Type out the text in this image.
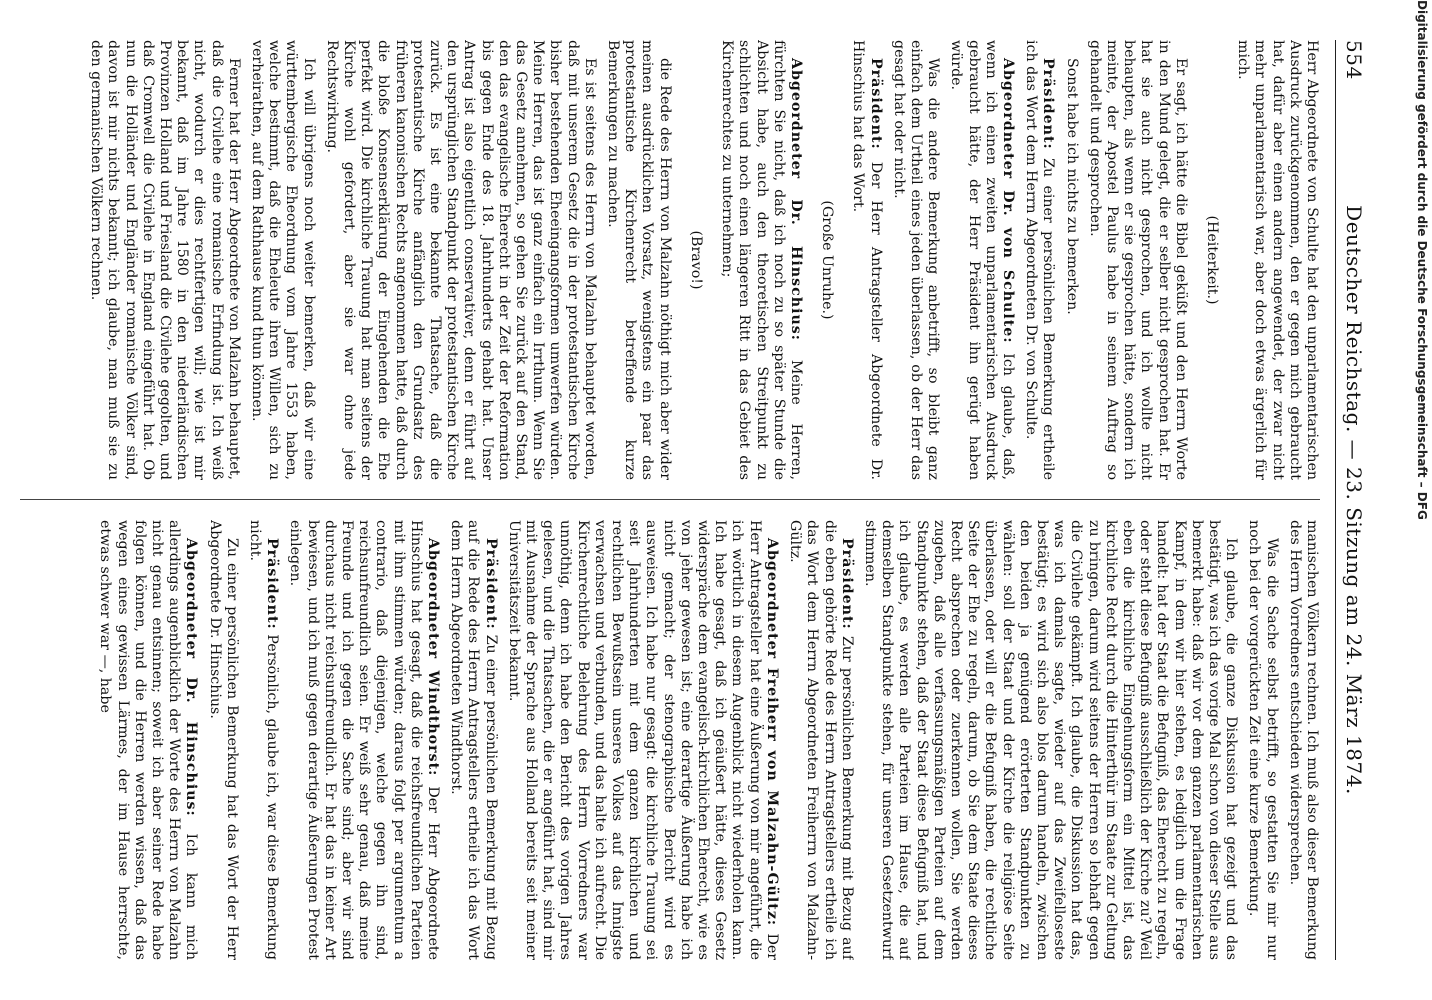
554
Deutscher Reichstag. — 23. Sitzung am 24. März 1874.

Herr Abgeordnete von Schulte hat den unparlamentarischen Ausdruck zurückgenommen, den er gegen mich gebraucht hat, dafür aber einen andern angewendet, der zwar nicht mehr unparlamentarisch war, aber doch etwas ärgerlich für mich.

(Heiterkeit.)

Er sagt, ich hätte die Bibel geküßt und den Herrn Worte in den Mund gelegt, die er selber nicht gesprochen hat. Er hat sie auch nicht gesprochen, und ich wollte nicht behaupten, als wenn er sie gesprochen hätte, sondern ich meinte, der Apostel Paulus habe in seinem Auftrag so gehandelt und gesprochen.

Sonst habe ich nichts zu bemerken.

Präsident: Zu einer persönlichen Bemerkung ertheile ich das Wort dem Herrn Abgeordneten Dr. von Schulte.

Abgeordneter Dr. von Schulte: Ich glaube, daß, wenn ich einen zweiten unparlamentarischen Ausdruck gebraucht hätte, der Herr Präsident ihn gerügt haben würde.

Was die andere Bemerkung anbetrifft, so bleibt ganz einfach dem Urtheil eines jeden überlassen, ob der Herr das gesagt hat oder nicht.

Präsident: Der Herr Antragsteller Abgeordnete Dr. Hinschius hat das Wort.

(Große Unruhe.)

Abgeordneter Dr. Hinschius: Meine Herren, fürchten Sie nicht, daß ich noch zu so später Stunde die Absicht habe, auch den theoretischen Streitpunkt zu schlichten und noch einen längeren Ritt in das Gebiet des Kirchenrechtes zu unternehmen;

(Bravo!)

die Rede des Herrn von Malzahn nöthigt mich aber wider meinen ausdrücklichen Vorsatz, wenigstens ein paar das protestantische Kirchenrecht betreffende kurze Bemerkungen zu machen.

Es ist seitens des Herrn von Malzahn behauptet worden, daß mit unserem Gesetz die in der protestantischen Kirche bisher bestehenden Eheeingangsformen umwerfen würden. Meine Herren, das ist ganz einfach ein Irrthum. Wenn Sie das Gesetz annehmen, so gehen Sie zurück auf den Stand, den das evangelische Eherecht in der Zeit der Reformation bis gegen Ende des 18. Jahrhunderts gehabt hat. Unser Antrag ist also eigentlich conservativer, denn er führt auf den ursprünglichen Standpunkt der protestantischen Kirche zurück. Es ist eine bekannte Thatsache, daß die protestantische Kirche anfänglich den Grundsatz des früheren kanonischen Rechts angenommen hatte, daß durch die bloße Konsenserklärung der Eingehenden die Ehe perfekt wird. Die kirchliche Trauung hat man seitens der Kirche wohl gefordert, aber sie war ohne jede Rechtswirkung.

Ich will übrigens noch weiter bemerken, daß wir eine württembergische Eheordnung vom Jahre 1553 haben, welche bestimmt, daß die Eheleute ihren Willen, sich zu verheirathen, auf dem Rathhause kund thun können.

Ferner hat der Herr Abgeordnete von Malzahn behauptet, daß die Civilehe eine romanische Erfindung ist. Ich weiß nicht, wodurch er dies rechtfertigen will; wie ist mir bekannt, daß im Jahre 1580 in den niederländischen Provinzen Holland und Friesland die Civilehe gegolten, und daß Cromwell die Civilehe in England eingeführt hat. Ob nun die Holländer und Engländer romanische Völker sind, davon ist mir nichts bekannt; ich glaube, man muß sie zu den germanischen Völkern rechnen.

manischen Völkern rechnen. Ich muß also dieser Bemerkung des Herrn Vorredners entschieden widersprechen.

Was die Sache selbst betrifft, so gestatten Sie mir nur noch bei der vorgerückten Zeit eine kurze Bemerkung.

Ich glaube, die ganze Diskussion hat gezeigt und das bestätigt, was ich das vorige Mal schon von dieser Stelle aus bemerkt habe: daß wir vor dem ganzen parlamentarischen Kampf, in dem wir hier stehen, es lediglich um die Frage handelt: hat der Staat die Befugniß, das Eherecht zu regeln, oder steht diese Befugniß ausschließlich der Kirche zu? Weil eben die kirchliche Eingehungsform ein Mittel ist, das kirchliche Recht durch die Hinterthür im Staate zur Geltung zu bringen, darum wird seitens der Herren so lebhaft gegen die Civilehe gekämpft. Ich glaube, die Diskussion hat das, was ich damals sagte, wieder auf das Zweifelloseste bestätigt; es wird sich also blos darum handeln, zwischen den beiden ja genügend erörterten Standpunkten zu wählen: soll der Staat und der Kirche die religiöse Seite überlassen, oder will er die Befugniß haben, die rechtliche Seite der Ehe zu regeln, darum, ob Sie dem Staate dieses Recht absprechen oder zuerkennen wollen, Sie werden zugeben, daß alle verfassungsmäßigen Parteien auf dem Standpunkte stehen, daß der Staat diese Befugniß hat, und ich glaube, es werden alle Parteien im Hause, die auf demselben Standpunkte stehen, für unseren Gesetzentwurf stimmen.

Präsident: Zur persönlichen Bemerkung mit Bezug auf die eben gehörte Rede des Herrn Antragstellers ertheile ich das Wort dem Herrn Abgeordneten Freiherrn von Malzahn-Gültz.

Abgeordneter Freiherr von Malzahn-Gültz: Der Herr Antragsteller hat eine Äußerung von mir angeführt, die ich wörtlich in diesem Augenblick nicht wiederholen kann. Ich habe gesagt, daß ich geäußert hätte, dieses Gesetz widerspräche dem evangelisch-kirchlichen Eherecht, wie es von jeher gewesen ist; eine derartige Äußerung habe ich nicht gemacht; der stenographische Bericht wird es ausweisen. Ich habe nur gesagt: die kirchliche Trauung sei seit Jahrhunderten mit dem ganzen kirchlichen und rechtlichen Bewußtsein unseres Volkes auf das Innigste verwachsen und verbunden, und das halte ich aufrecht. Die Kirchenrechtliche Belehrung des Herrn Vorredners war unnöthig, denn ich habe den Bericht des vorigen Jahres gelesen, und die Thatsachen, die er angeführt hat, sind mir mit Ausnahme der Sprache aus Holland bereits seit meiner Universitätszeit bekannt.

Präsident: Zu einer persönlichen Bemerkung mit Bezug auf die Rede des Herrn Antragstellers ertheile ich das Wort dem Herrn Abgeordneten Windthorst.

Abgeordneter Windthorst: Der Herr Abgeordnete Hinschius hat gesagt, daß die reichsfreundlichen Parteien mit ihm stimmen würden; daraus folgt per argumentum a contrario, daß diejenigen, welche gegen ihn sind, reichsunfreundlich seien. Er weiß sehr genau, daß meine Freunde und ich gegen die Sache sind; aber wir sind durchaus nicht reichsunfreundlich. Er hat das in keiner Art bewiesen, und ich muß gegen derartige Äußerungen Protest einlegen.

Präsident: Persönlich, glaube ich, war diese Bemerkung nicht.

Zu einer persönlichen Bemerkung hat das Wort der Herr Abgeordnete Dr. Hinschius.

Abgeordneter Dr. Hinschius: Ich kann mich allerdings augenblicklich der Worte des Herrn von Malzahn nicht genau entsinnen; soweit ich aber seiner Rede habe folgen können, und die Herren werden wissen, daß das wegen eines gewissen Lärmes, der im Hause herrschte, etwas schwer war —, habe

Digitalisierung gefördert durch die Deutsche Forschungsgemeinschaft – DFG
